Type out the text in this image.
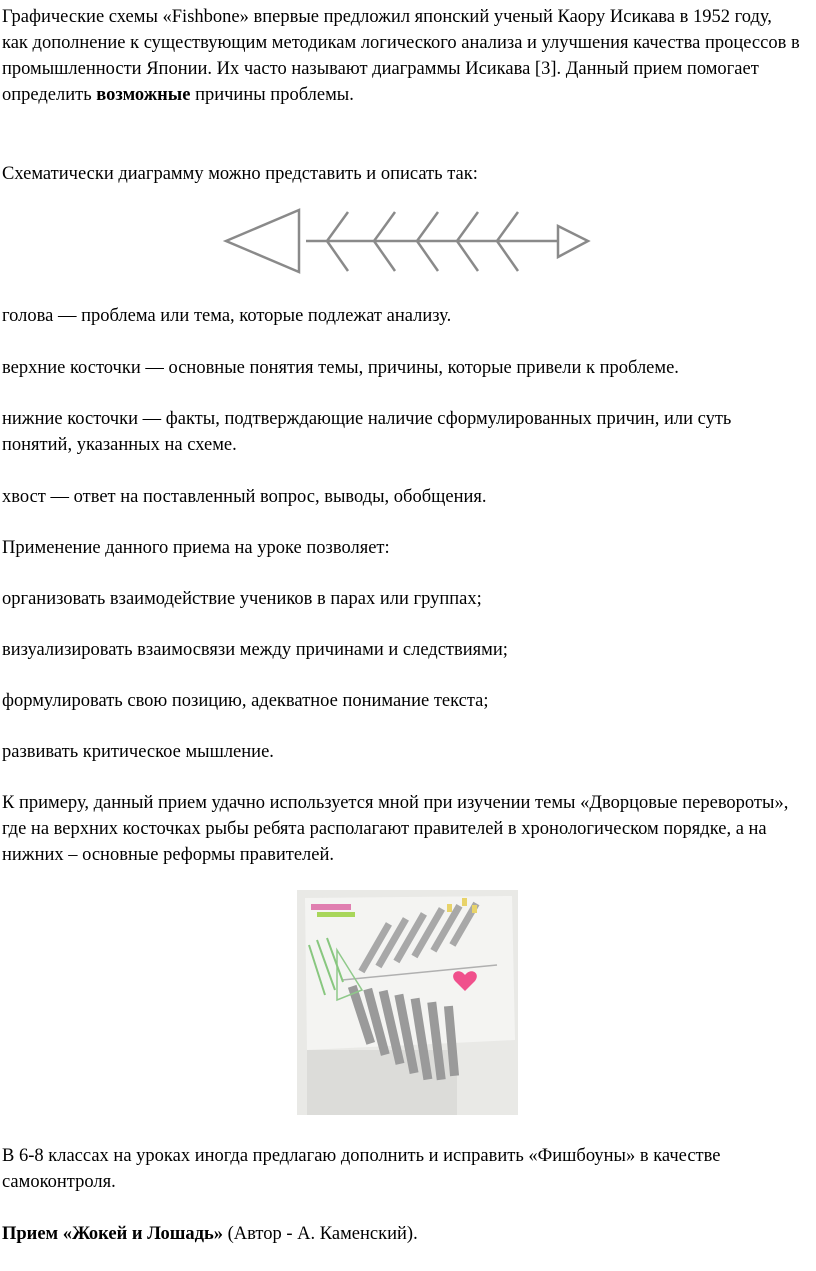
Графические схемы «Fishbone» впервые предложил японский ученый Каору Исикава в 1952 году, как дополнение к существующим методикам логического анализа и улучшения качества процессов в промышленности Японии. Их часто называют диаграммы Исикава [3]. Данный прием помогает определить возможные причины проблемы.

Схематически диаграмму можно представить и описать так:

голова — проблема или тема, которые подлежат анализу.

верхние косточки — основные понятия темы, причины, которые привели к проблеме.

нижние косточки — факты, подтверждающие наличие сформулированных причин, или суть понятий, указанных на схеме.

хвост — ответ на поставленный вопрос, выводы, обобщения.

Применение данного приема на уроке позволяет:

организовать взаимодействие учеников в парах или группах;

визуализировать взаимосвязи между причинами и следствиями;

формулировать свою позицию, адекватное понимание текста;

развивать критическое мышление.

К примеру, данный прием удачно используется мной при изучении темы «Дворцовые перевороты», где на верхних косточках рыбы ребята располагают правителей в хронологическом порядке, а на нижних – основные реформы правителей.

В 6-8 классах на уроках иногда предлагаю дополнить и исправить «Фишбоуны» в качестве самоконтроля.

Прием «Жокей и Лошадь» (Автор - А. Каменский).
